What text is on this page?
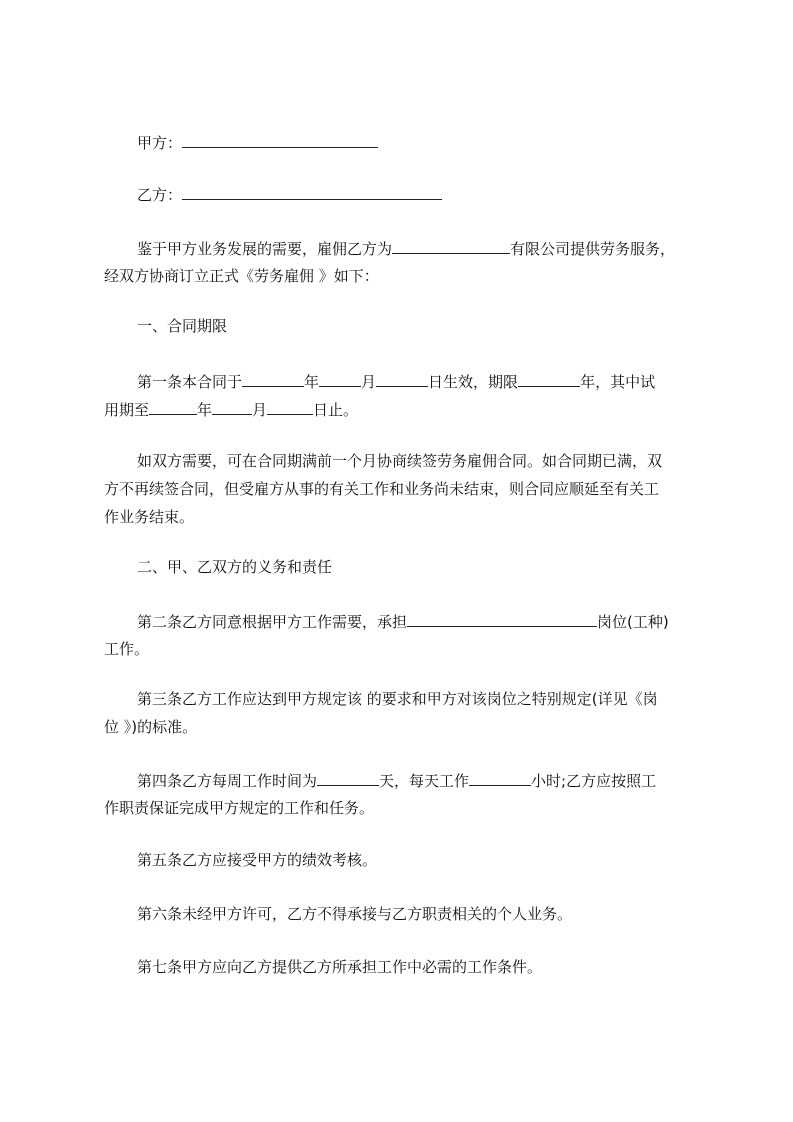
甲方：
乙方：
鉴于甲方业务发展的需要，雇佣乙方为	有限公司提供劳务服务，
经双方协商订立正式《劳务雇佣 》如下：
一、合同期限
第一条本合同于	年	月	日生效，期限	年，其中试
用期至	年	月	日止。
如双方需要，可在合同期满前一个月协商续签劳务雇佣合同。如合同期已满，双
方不再续签合同，但受雇方从事的有关工作和业务尚未结束，则合同应顺延至有关工
作业务结束。
二、甲、乙双方的义务和责任
第二条乙方同意根据甲方工作需要，承担	岗位(工种)
工作。
第三条乙方工作应达到甲方规定该 的要求和甲方对该岗位之特别规定(详见《岗
位 》)的标准。
第四条乙方每周工作时间为	天，每天工作	小时;乙方应按照工
作职责保证完成甲方规定的工作和任务。
第五条乙方应接受甲方的绩效考核。
第六条未经甲方许可，乙方不得承接与乙方职责相关的个人业务。
第七条甲方应向乙方提供乙方所承担工作中必需的工作条件。
